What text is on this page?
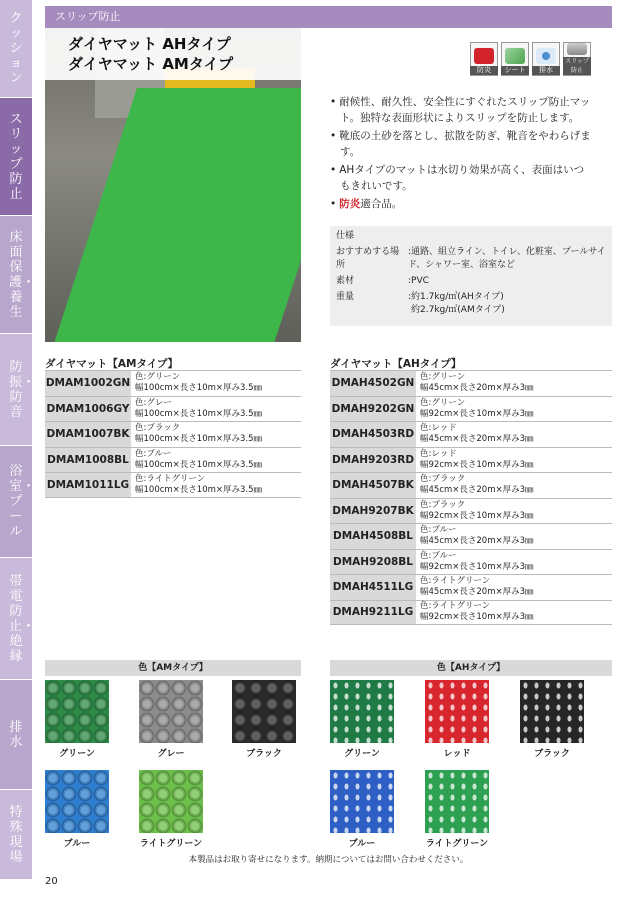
クッション
スリップ防止
床面保護・養生
防振・防音
浴室・プール
帯電防止・絶縁
排水
特殊現場
スリップ防止
ダイヤマット AHタイプ
ダイヤマット AMタイプ	防炎	シート	排水
スリップ防止
• 耐候性、耐久性、安全性にすぐれたスリップ防止マット。独特な表面形状によりスリップを防止します。
• 靴底の土砂を落とし、拡散を防ぎ、靴音をやわらげます。
• AHタイプのマットは水切り効果が高く、表面はいつもきれいです。
• 防炎適合品。
仕様
おすすめする場所
:通路、組立ライン、トイレ、化粧室、プールサイド、シャワー室、浴室など
素材	:PVC
重量	:約1.7kg/㎡(AHタイプ)
約2.7kg/㎡(AMタイプ)
ダイヤマット【AMタイプ】
DMAM1002GN 色:グリーン
幅100cm×長さ10m×厚み3.5㎜
DMAM1006GY 色:グレー
幅100cm×長さ10m×厚み3.5㎜
DMAM1007BK 色:ブラック
幅100cm×長さ10m×厚み3.5㎜
DMAM1008BL 色:ブルー
幅100cm×長さ10m×厚み3.5㎜
DMAM1011LG 色:ライトグリーン
幅100cm×長さ10m×厚み3.5㎜
ダイヤマット【AHタイプ】
DMAH4502GN 色:グリーン
幅45cm×長さ20m×厚み3㎜
DMAH9202GN 色:グリーン
幅92cm×長さ10m×厚み3㎜
DMAH4503RD 色:レッド
幅45cm×長さ20m×厚み3㎜
DMAH9203RD 色:レッド
幅92cm×長さ10m×厚み3㎜
DMAH4507BK 色:ブラック
幅45cm×長さ20m×厚み3㎜
DMAH9207BK 色:ブラック
幅92cm×長さ10m×厚み3㎜
DMAH4508BL 色:ブルー
幅45cm×長さ20m×厚み3㎜
DMAH9208BL 色:ブルー
幅92cm×長さ10m×厚み3㎜
DMAH4511LG 色:ライトグリーン
幅45cm×長さ20m×厚み3㎜
DMAH9211LG 色:ライトグリーン
幅92cm×長さ10m×厚み3㎜
色【AMタイプ】	色【AHタイプ】
グリーン	グレー	ブラック
ブルー	ライトグリーン
グリーン	レッド	ブラック
ブルー	ライトグリーン
本製品はお取り寄せになります。納期についてはお問い合わせください。
20
